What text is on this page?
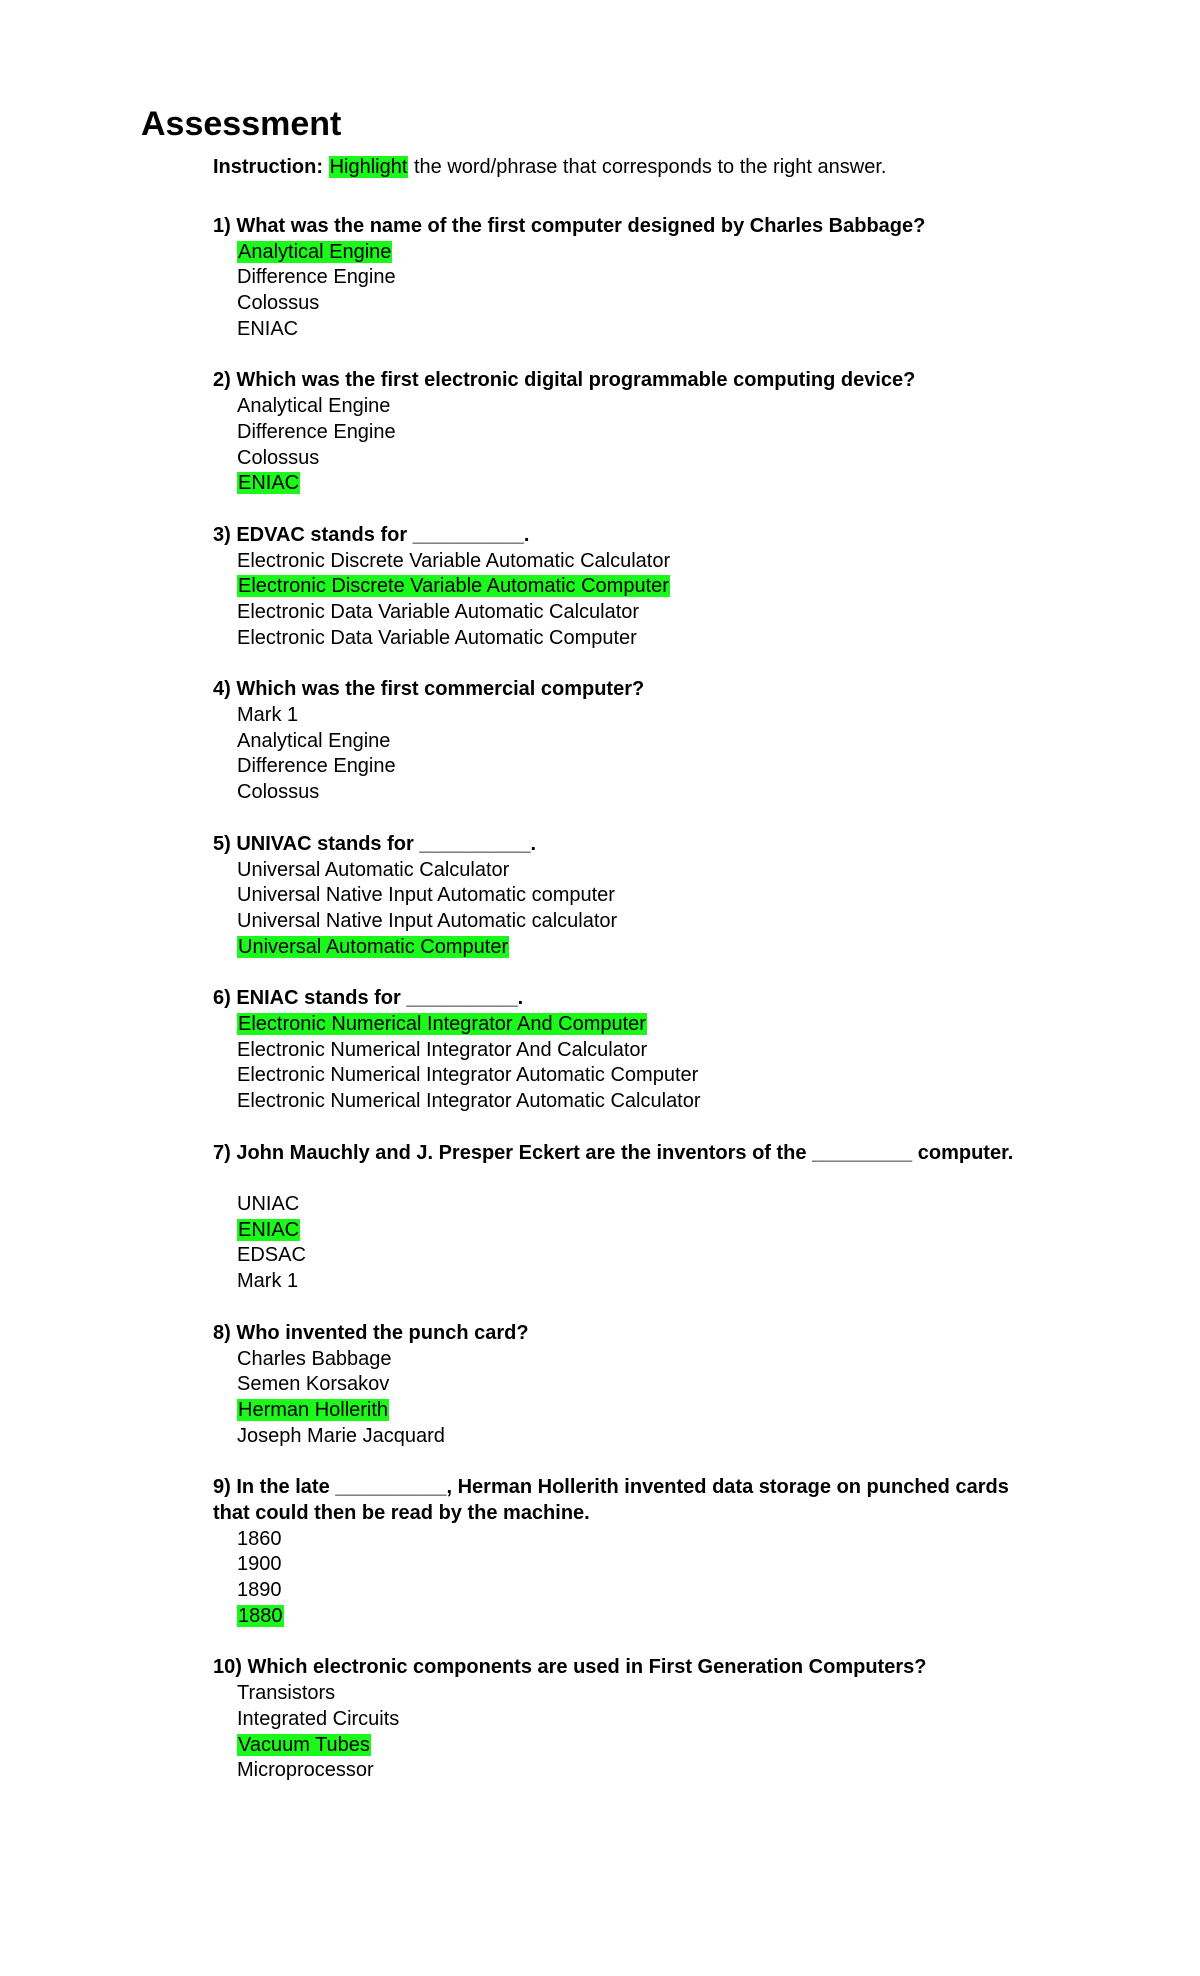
Assessment
Instruction: Highlight the word/phrase that corresponds to the right answer.

1) What was the name of the first computer designed by Charles Babbage?

Analytical Engine
Difference Engine
Colossus
ENIAC

2) Which was the first electronic digital programmable computing device?

Analytical Engine
Difference Engine
Colossus
ENIAC

3) EDVAC stands for __________.

Electronic Discrete Variable Automatic Calculator
Electronic Discrete Variable Automatic Computer
Electronic Data Variable Automatic Calculator
Electronic Data Variable Automatic Computer

4) Which was the first commercial computer?

Mark 1
Analytical Engine
Difference Engine
Colossus

5) UNIVAC stands for __________.

Universal Automatic Calculator
Universal Native Input Automatic computer
Universal Native Input Automatic calculator
Universal Automatic Computer

6) ENIAC stands for __________.

Electronic Numerical Integrator And Computer
Electronic Numerical Integrator And Calculator
Electronic Numerical Integrator Automatic Computer
Electronic Numerical Integrator Automatic Calculator

7) John Mauchly and J. Presper Eckert are the inventors of the _________ computer.

UNIAC
ENIAC
EDSAC
Mark 1

8) Who invented the punch card?

Charles Babbage
Semen Korsakov
Herman Hollerith
Joseph Marie Jacquard

9) In the late __________, Herman Hollerith invented data storage on punched cards that could then be read by the machine.

1860
1900
1890
1880

10) Which electronic components are used in First Generation Computers?

Transistors
Integrated Circuits
Vacuum Tubes
Microprocessor
